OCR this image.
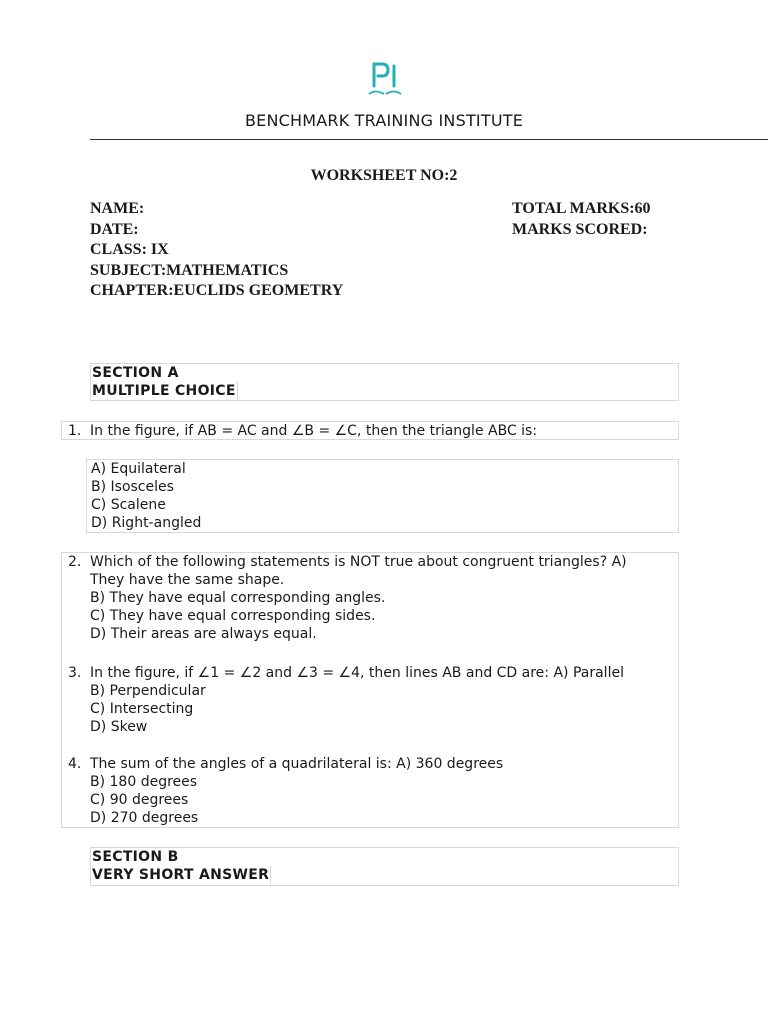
BENCHMARK TRAINING INSTITUTE
WORKSHEET NO:2
NAME:
DATE:
CLASS: IX
SUBJECT:MATHEMATICS
CHAPTER:EUCLIDS GEOMETRY
TOTAL MARKS:60
MARKS SCORED:
SECTION A
MULTIPLE CHOICE
1. In the figure, if AB = AC and ∠B = ∠C, then the triangle ABC is:
A) Equilateral
B) Isosceles
C) Scalene
D) Right-angled
2. Which of the following statements is NOT true about congruent triangles? A)
They have the same shape.
B) They have equal corresponding angles.
C) They have equal corresponding sides.
D) Their areas are always equal.
3. In the figure, if ∠1 = ∠2 and ∠3 = ∠4, then lines AB and CD are: A) Parallel
B) Perpendicular
C) Intersecting
D) Skew
4. The sum of the angles of a quadrilateral is: A) 360 degrees
B) 180 degrees
C) 90 degrees
D) 270 degrees
SECTION B
VERY SHORT ANSWER
